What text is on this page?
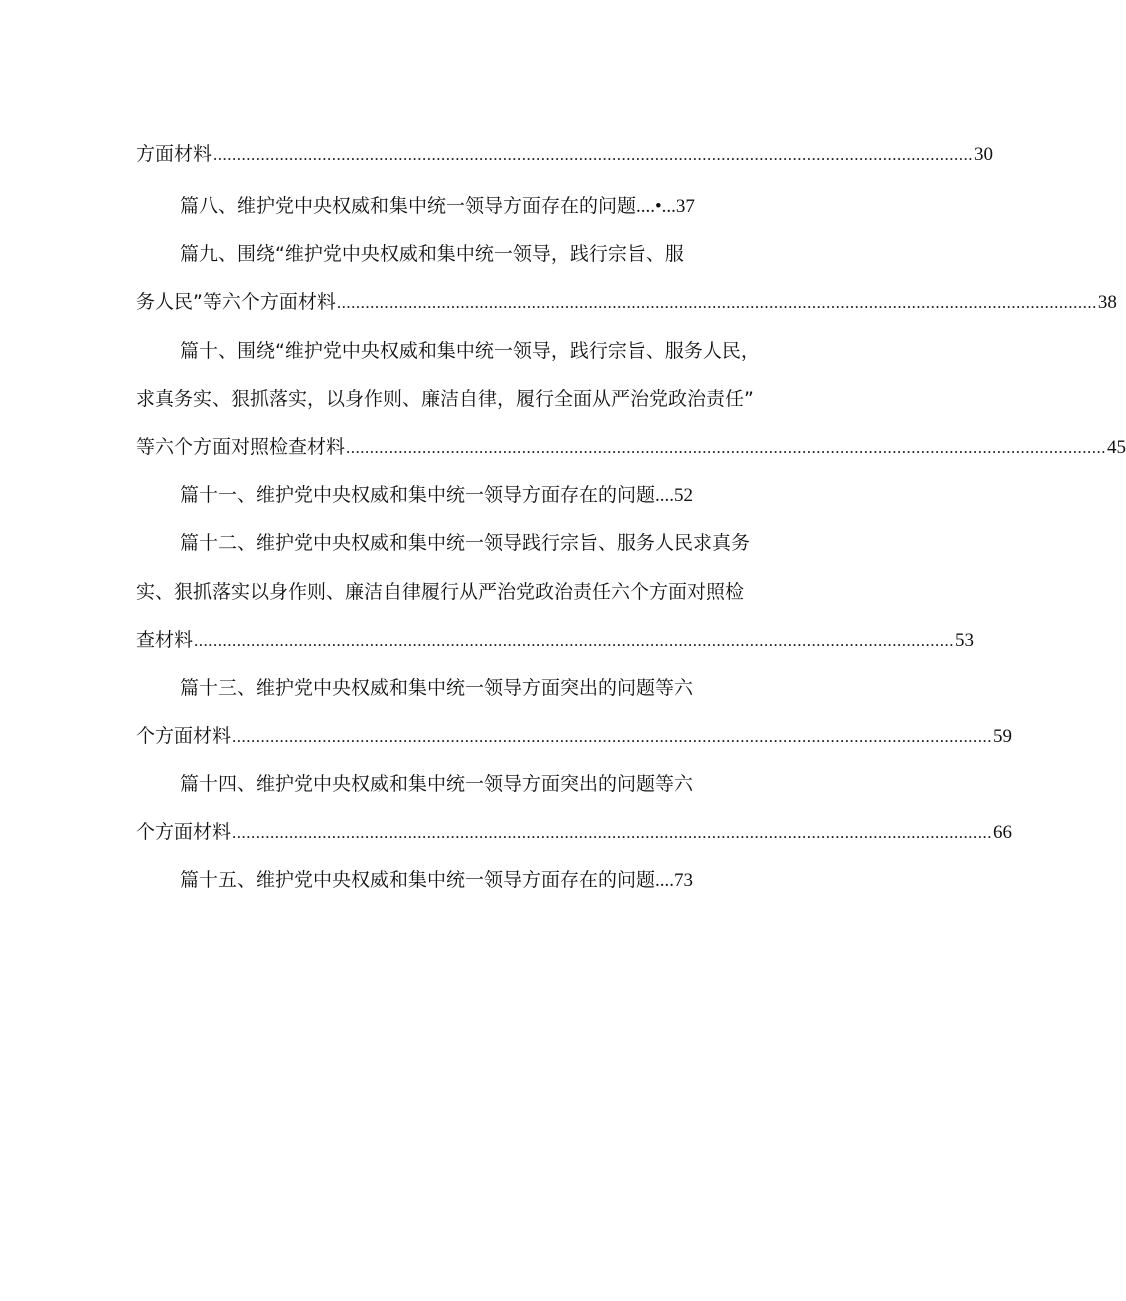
方面材料 ................................................................................................................................................................ 30
篇八、维护党中央权威和集中统一领导方面存在的问题....•...37
篇九、围绕“维护党中央权威和集中统一领导，践行宗旨、服
务人民”等六个方面材料 ................................................................................................................................................................ 38
篇十、围绕“维护党中央权威和集中统一领导，践行宗旨、服务人民，
求真务实、狠抓落实，以身作则、廉洁自律，履行全面从严治党政治责任”
等六个方面对照检查材料 ................................................................................................................................................................ 45
篇十一、维护党中央权威和集中统一领导方面存在的问题....52
篇十二、维护党中央权威和集中统一领导践行宗旨、服务人民求真务
实、狠抓落实以身作则、廉洁自律履行从严治党政治责任六个方面对照检
查材料 ................................................................................................................................................................ 53
篇十三、维护党中央权威和集中统一领导方面突出的问题等六
个方面材料 ................................................................................................................................................................ 59
篇十四、维护党中央权威和集中统一领导方面突出的问题等六
个方面材料 ................................................................................................................................................................ 66
篇十五、维护党中央权威和集中统一领导方面存在的问题....73
